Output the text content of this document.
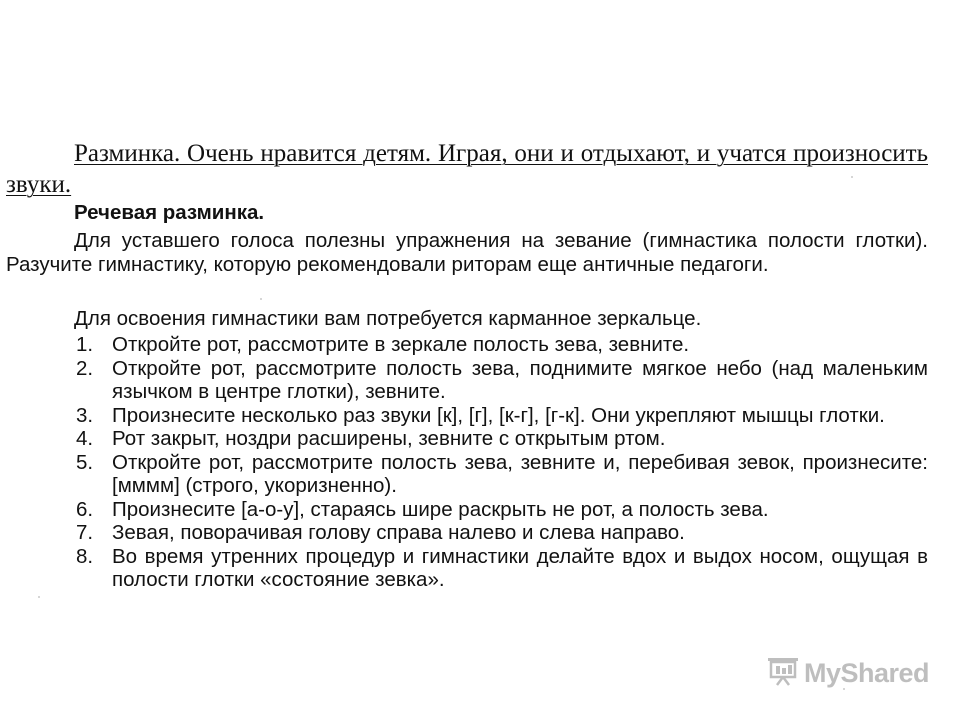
Разминка. Очень нравится детям. Играя, они и отдыхают, и учатся произносить звуки.

Речевая разминка.

Для уставшего голоса полезны упражнения на зевание (гимнастика полости глотки). Разучите гимнастику, которую рекомендовали риторам еще античные педагоги.

Для освоения гимнастики вам потребуется карманное зеркальце.

1. Откройте рот, рассмотрите в зеркале полость зева, зевните.
2. Откройте рот, рассмотрите полость зева, поднимите мягкое небо (над маленьким язычком в центре глотки), зевните.
3. Произнесите несколько раз звуки [к], [г], [к-г], [г-к]. Они укрепляют мышцы глотки.
4. Рот закрыт, ноздри расширены, зевните с открытым ртом.
5. Откройте рот, рассмотрите полость зева, зевните и, перебивая зевок, произнесите: [мммм] (строго, укоризненно).
6. Произнесите [а-о-у], стараясь шире раскрыть не рот, а полость зева.
7. Зевая, поворачивая голову справа налево и слева направо.
8. Во время утренних процедур и гимнастики делайте вдох и выдох носом, ощущая в полости глотки «состояние зевка».
MyShared
